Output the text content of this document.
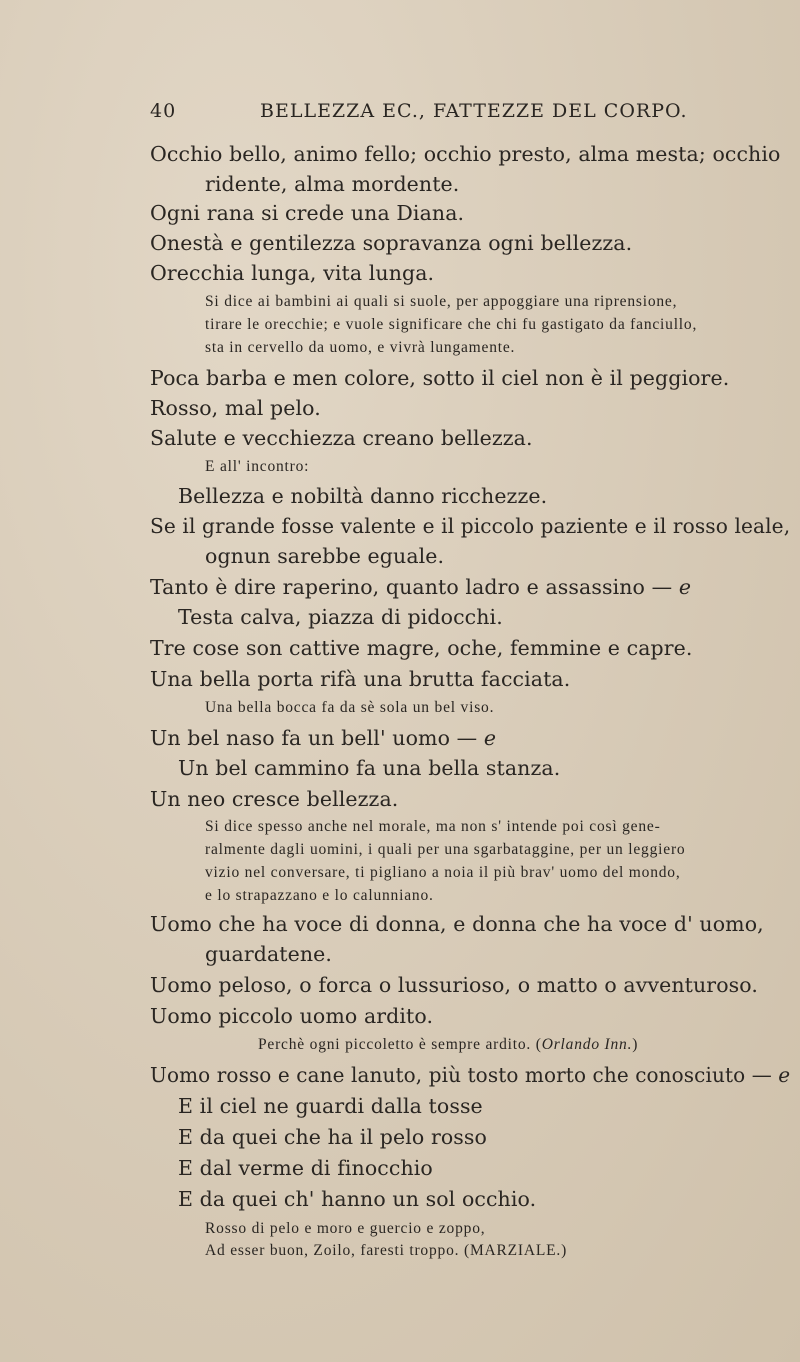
40	BELLEZZA EC., FATTEZZE DEL CORPO.
Occhio bello, animo fello; occhio presto, alma mesta; occhio
ridente, alma mordente.
Ogni rana si crede una Diana.
Onestà e gentilezza sopravanza ogni bellezza.
Orecchia lunga, vita lunga.
Si dice ai bambini ai quali si suole, per appoggiare una riprensione,
tirare le orecchie; e vuole significare che chi fu gastigato da fanciullo,
sta in cervello da uomo, e vivrà lungamente.
Poca barba e men colore, sotto il ciel non è il peggiore.
Rosso, mal pelo.
Salute e vecchiezza creano bellezza.
E all' incontro:
Bellezza e nobiltà danno ricchezze.
Se il grande fosse valente e il piccolo paziente e il rosso leale,
ognun sarebbe eguale.
Tanto è dire raperino, quanto ladro e assassino — e
Testa calva, piazza di pidocchi.
Tre cose son cattive magre, oche, femmine e capre.
Una bella porta rifà una brutta facciata.
Una bella bocca fa da sè sola un bel viso.
Un bel naso fa un bell' uomo — e
Un bel cammino fa una bella stanza.
Un neo cresce bellezza.
Si dice spesso anche nel morale, ma non s' intende poi così gene-
ralmente dagli uomini, i quali per una sgarbataggine, per un leggiero
vizio nel conversare, ti pigliano a noia il più brav' uomo del mondo,
e lo strapazzano e lo calunniano.
Uomo che ha voce di donna, e donna che ha voce d' uomo,
guardatene.
Uomo peloso, o forca o lussurioso, o matto o avventuroso.
Uomo piccolo uomo ardito.
Perchè ogni piccoletto è sempre ardito. (Orlando Inn.)
Uomo rosso e cane lanuto, più tosto morto che conosciuto — e
E il ciel ne guardi dalla tosse
E da quei che ha il pelo rosso
E dal verme di finocchio
E da quei ch' hanno un sol occhio.
Rosso di pelo e moro e guercio e zoppo,
Ad esser buon, Zoilo, faresti troppo. (MARZIALE.)
